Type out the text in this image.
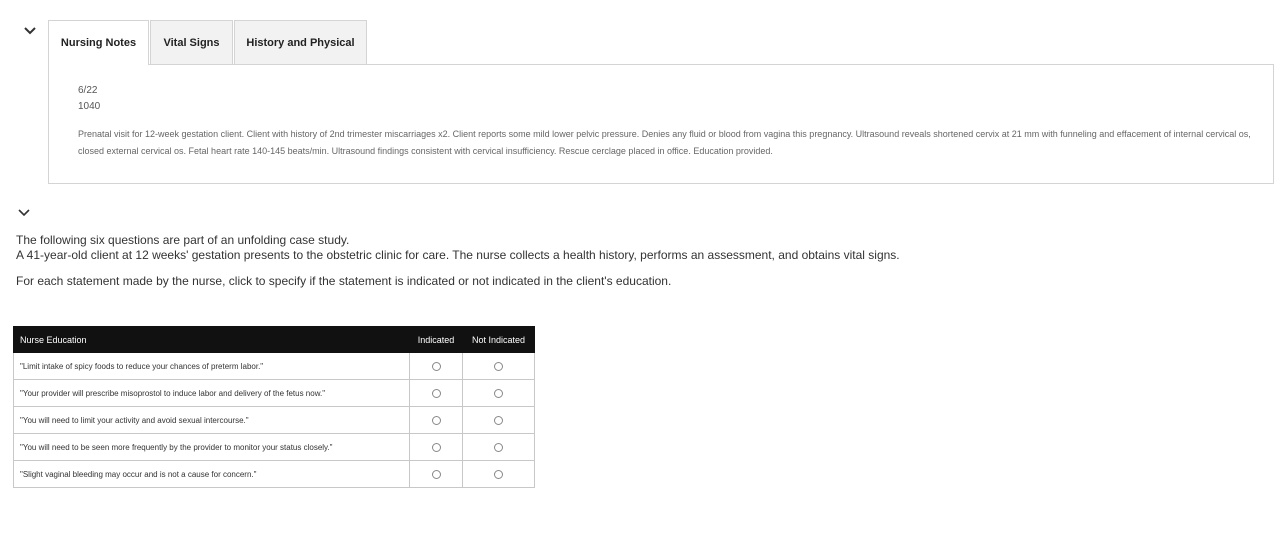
Nursing Notes	Vital Signs	History and Physical
6/22
1040
Prenatal visit for 12-week gestation client. Client with history of 2nd trimester miscarriages x2. Client reports some mild lower pelvic pressure. Denies any fluid or blood from vagina this pregnancy. Ultrasound reveals shortened cervix at 21 mm with funneling and effacement of internal cervical os, closed external cervical os. Fetal heart rate 140-145 beats/min. Ultrasound findings consistent with cervical insufficiency. Rescue cerclage placed in office. Education provided.
The following six questions are part of an unfolding case study.
A 41-year-old client at 12 weeks' gestation presents to the obstetric clinic for care. The nurse collects a health history, performs an assessment, and obtains vital signs.
For each statement made by the nurse, click to specify if the statement is indicated or not indicated in the client's education.
Nurse Education	Indicated	Not Indicated
"Limit intake of spicy foods to reduce your chances of preterm labor."		
"Your provider will prescribe misoprostol to induce labor and delivery of the fetus now."		
"You will need to limit your activity and avoid sexual intercourse."		
"You will need to be seen more frequently by the provider to monitor your status closely."		
"Slight vaginal bleeding may occur and is not a cause for concern."		
